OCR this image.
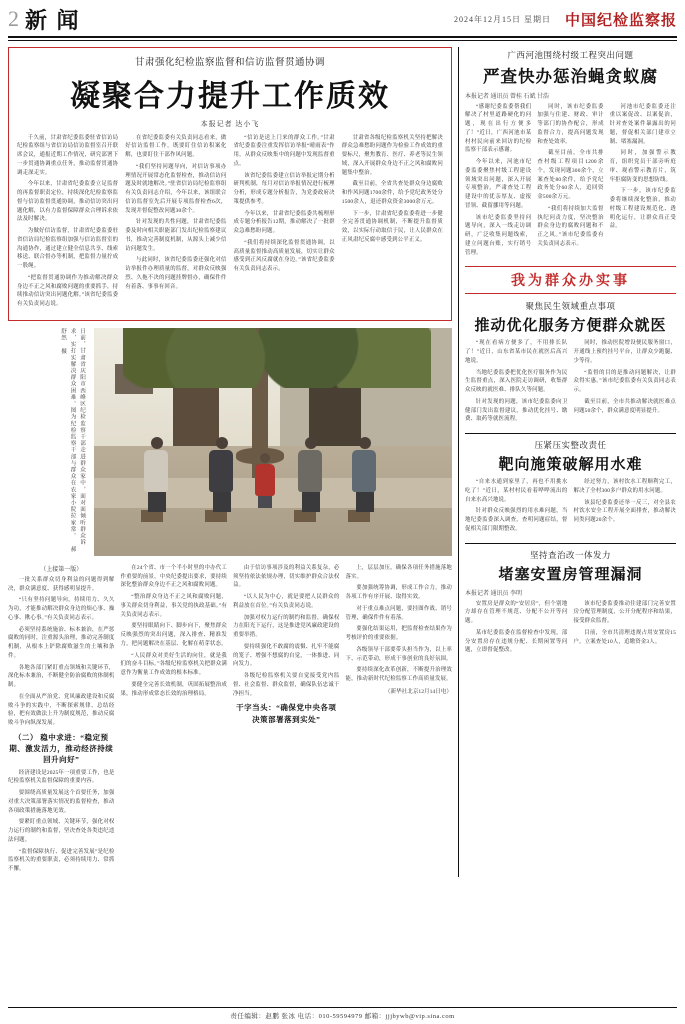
2 新 闻	2024年12月15日 星期日 中国纪检监察报
甘肃强化纪检监察监督和信访监督贯通协调
凝聚合力提升工作质效
本报记者 达小飞

千久前，甘肃省纪委监委驻省信访局纪检监察组与省信访局信访监督室召开联席会议，通报近期工作情况，研究部署下一步贯通协调重点任务，推动监督贯通协调走深走实。

今年以来，甘肃省纪委监委立足监督的再监督职责定位，持续深化纪检监察监督与信访监督贯通协调，推动信访突出问题化解，以有力监督保障群众合理诉求依法及时解决。

为做好信访监督，甘肃省纪委监委驻省信访局纪检监察组加强与信访监督室的沟通协作，通过建立健全信息共享、线索移送、联合督办等机制，把监督力量拧成一股绳。

“把监督贯通协调作为推动解决群众身边不正之风和腐败问题的重要抓手，持续推动信访突出问题化解。”该省纪委监委有关负责同志说。

在省纪委监委有关负责同志看来，做好信访监督工作，既要盯住信访积案化解，也要盯住干部作风问题。

“我们坚持问题导向，对信访事项办理情况开展常态化监督检查，推动信访问题及时就地解决。”驻省信访局纪检监察组有关负责同志介绍，今年以来，该组联合信访监督室先后开展专项监督检查6次，发现并督促整改问题30余个。

针对发现的共性问题，甘肃省纪委监委及时向相关职能部门发出纪检监察建议书，推动完善制度机制，从源头上减少信访问题发生。

与此同时，该省纪委监委还强化对信访举报件办理质量的监督，对群众反映强烈、久拖不决的问题挂牌督办，确保件件有着落、事事有回音。

“信访是送上门来的群众工作。”甘肃省纪委监委注重发挥信访举报“晴雨表”作用，从群众反映集中的问题中发现监督重点。

该省纪委监委建立信访举报定期分析研判机制，每月对信访举报情况进行梳理分析，形成专题分析报告，为党委政府决策提供参考。

今年以来，甘肃省纪委监委共梳理形成专题分析报告12期，推动解决了一批群众急难愁盼问题。

“我们将持续深化监督贯通协调，以高质量监督推动高质量发展，切实让群众感受到正风反腐就在身边。”该省纪委监委有关负责同志表示。

甘肃省各级纪检监察机关坚持把解决群众急难愁盼问题作为检验工作成效的重要标尺，聚焦教育、医疗、养老等民生领域，深入开展群众身边不正之风和腐败问题集中整治。

截至目前，全省共查处群众身边腐败和作风问题1700余件，给予党纪政务处分1500余人，退还群众资金3000余万元。

下一步，甘肃省纪委监委将进一步健全完善贯通协调机制，不断提升监督质效，以实际行动取信于民，让人民群众在正风肃纪反腐中感受到公平正义。

日前，甘肃省庆阳市西峰区纪检监察干部走进群众家中，面对面倾听群众诉求，实打实解决群众困难。图为纪检监察干部与群众在农家小院拉家常。 郝舒然 摄
（上接第一版）

一批关系群众切身利益的问题得到解决，群众满意度、获得感明显提升。

“只有坚持问题导向，持续用力、久久为功，才能推动解决群众身边的烦心事、操心事、揪心事。”有关负责同志表示。

必须坚持系统施治、标本兼治，在严惩腐败的同时，注重源头治理，推动完善制度机制，从根本上铲除腐败滋生的土壤和条件。

各地各部门紧盯重点领域和关键环节，深化标本兼治，不断健全防治腐败的体制机制。

在全面从严治党、党风廉政建设和反腐败斗争的实践中，不断探索规律、总结经验，把有效做法上升为制度规范，推动反腐败斗争向纵深发展。

（二） 稳中求进：“稳定预期、激发活力，推动经济持续回升向好”

经济建设是2025年一项重要工作，也是纪检监察机关监督保障的重要内容。

要围绕高质量发展这个首要任务，加强对重大决策部署落实情况的监督检查，推动各项政策措施落地见效。

要紧盯重点领域、关键环节，强化对权力运行的制约和监督，坚决查处各类违纪违法问题。

“监督保障执行、促进完善发展”是纪检监察机关的重要职责，必须持续用力、常抓不懈。

在24个省、市一个半小时里的中办代工作重要的前景，中央纪委提出要求，要持续深化整治群众身边不正之风和腐败问题。

“整治群众身边不正之风和腐败问题，事关群众切身利益，事关党的执政基础。”有关负责同志表示。

要坚持眼睛向下、脚步向下，聚焦群众反映强烈的突出问题，深入排查、精准发力，把问题解决在基层、化解在萌芽状态。

“人民群众对美好生活的向往，就是我们的奋斗目标。”各级纪检监察机关把群众满意作为衡量工作成效的根本标准。

要健全完善长效机制，巩固拓展整治成果，推动形成常态长效的治理格局。

由于信访事项涉及的利益关系复杂，必须坚持依法依规办理，切实维护群众合法权益。

“以人民为中心，就是要把人民群众的利益放在首位。”有关负责同志说。

加强对权力运行的制约和监督，确保权力在阳光下运行，这是推进党风廉政建设的重要举措。

要持续强化不敢腐的震慑、扎牢不能腐的笼子、增强不想腐的自觉，一体推进、同向发力。

各级纪检监察机关要自觉接受党内监督、社会监督、群众监督，确保队伍忠诚干净担当。

干字当头：“确保党中央各项决策部署落到实处”

上，层层加压，确保各项任务措施落地落实。

要加强统筹协调，形成工作合力，推动各项工作有序开展、取得实效。

对于重点难点问题，要挂图作战、销号管理，确保件件有着落。

要强化结果运用，把监督检查结果作为考核评价的重要依据。

各级领导干部要带头担当作为，以上率下、示范带动，形成干事创业的良好氛围。

要持续深化改革创新，不断提升治理效能，推动新时代纪检监察工作高质量发展。

（新华社北京12月14日电）
广西河池围绕村级工程突出问题
严查快办惩治蝇贪蚁腐
本报记者 通讯员 曾桂 石斌 甘浩

“感谢纪委监委帮我们解决了村里道路硬化的问题，现在出行方便多了！”近日，广西河池市某村村民向前来回访的纪检监察干部表示感谢。

今年以来，河池市纪委监委聚焦村级工程建设领域突出问题，深入开展专项整治，严肃查处工程建设中的优亲厚友、虚报冒领、截留挪用等问题。

该市纪委监委坚持问题导向，深入一线走访调研，广泛收集问题线索，建立问题台账，实行销号管理。

同时，该市纪委监委加强与住建、财政、审计等部门的协作配合，形成监督合力，提高问题发现和查处效率。

截至目前，全市共排查村级工程项目1200余个，发现问题300余个，立案查处80余件，给予党纪政务处分60余人，追回资金500余万元。

“我们将持续加大监督执纪问责力度，坚决整治群众身边的腐败问题和不正之风。”该市纪委监委有关负责同志表示。

河池市纪委监委还注重以案促改、以案促治，针对查处案件暴露出的问题，督促相关部门建章立制、堵塞漏洞。

同时，加强警示教育，组织党员干部旁听庭审、观看警示教育片，筑牢拒腐防变的思想防线。

下一步，该市纪委监委将继续深化整治，推动村级工程建设规范化、透明化运行，让群众真正受益。

我为群众办实事
聚焦民生领域重点事项
推动优化服务方便群众就医

“现在看病方便多了，不用排长队了！”近日，山东省某市民在就医后高兴地说。

当地纪委监委把优化医疗服务作为民生监督重点，深入医院走访调研，收集群众反映的就医难、排队久等问题。

针对发现的问题，该市纪委监委向卫健部门发出监督建议，推动优化挂号、缴费、取药等就医流程。

同时，推动医院增设便民服务窗口，开通线上预约挂号平台，让群众少跑腿、少等待。

“监督的目的是推动问题解决，让群众得实惠。”该市纪委监委有关负责同志表示。

截至目前，全市共推动解决就医难点问题50余个，群众满意度明显提升。

压紧压实整改责任
靶向施策破解用水难

“自来水通到家里了，再也不用挑水吃了！”近日，某村村民看着哗哗流出的自来水高兴地说。

针对群众反映强烈的用水难问题，当地纪委监委深入调查，查明问题症结，督促相关部门限期整改。

经过努力，该村饮水工程顺利完工，解决了全村300多户群众的用水问题。

该县纪委监委还举一反三，对全县农村饮水安全工程开展全面排查，推动解决同类问题20余个。

坚持查治改一体发力
堵塞安置房管理漏洞
本报记者 通讯员 李明

安置房是群众的“安居房”，但个别地方却存在管理不规范、分配不公开等问题。

某市纪委监委在监督检查中发现，部分安置房存在违规分配、长期闲置等问题，立即督促整改。

该市纪委监委推动住建部门完善安置房分配管理制度，公开分配程序和结果，接受群众监督。

目前，全市共清理违规占用安置房15户，立案查处10人，追缴资金3人。

责任编辑：赵鹏 张冰 电话：010-59594979 邮箱：jjjbywb@vip.sina.com
